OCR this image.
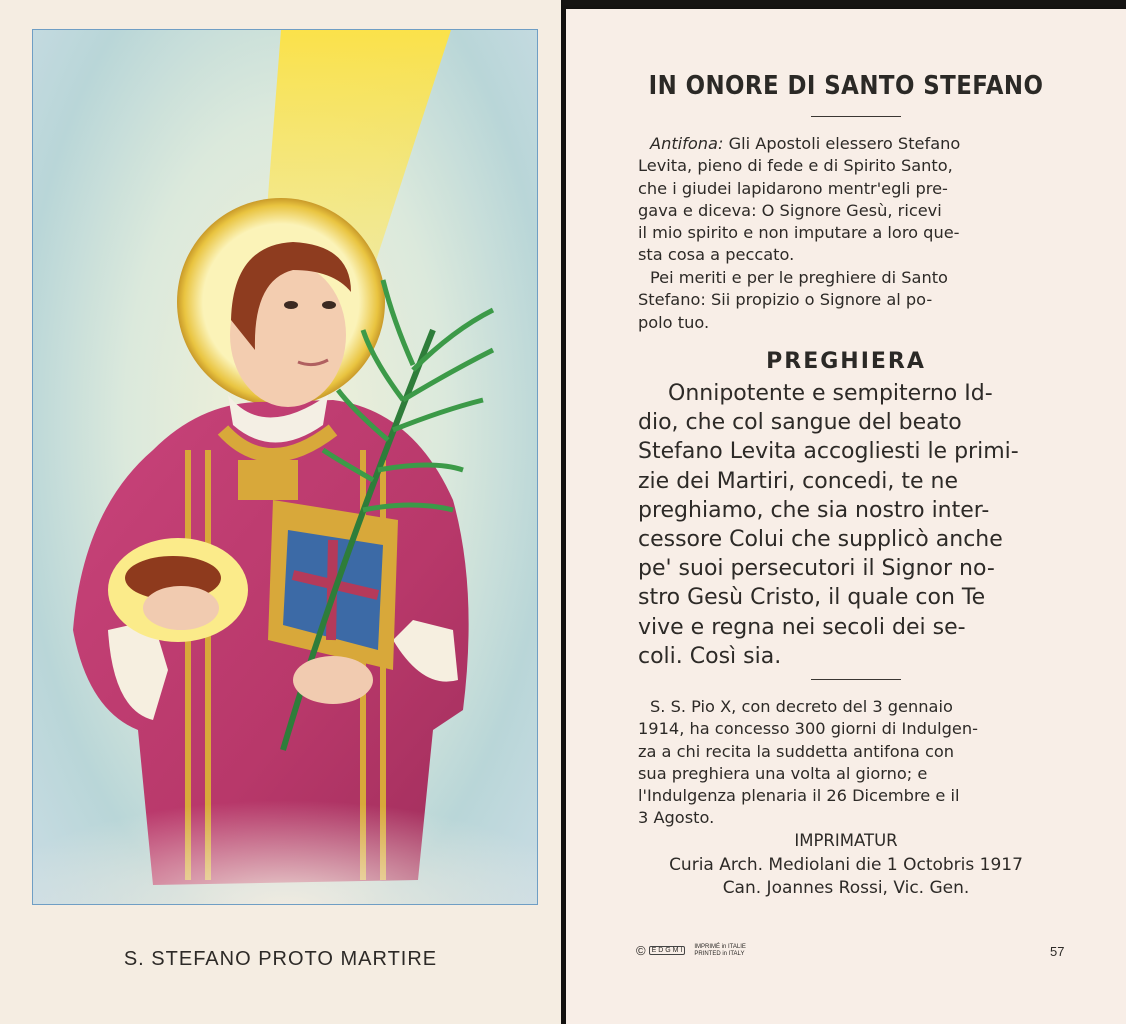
S. STEFANO PROTO MARTIRE
IN ONORE DI SANTO STEFANO
Antifona: Gli Apostoli elessero Stefano
Levita, pieno di fede e di Spirito Santo,
che i giudei lapidarono mentr'egli pre-
gava e diceva: O Signore Gesù, ricevi
il mio spirito e non imputare a loro que-
sta cosa a peccato.
Pei meriti e per le preghiere di Santo
Stefano: Sii propizio o Signore al po-
polo tuo.
PREGHIERA
Onnipotente e sempiterno Id-
dio, che col sangue del beato
Stefano Levita accogliesti le primi-
zie dei Martiri, concedi, te ne
preghiamo, che sia nostro inter-
cessore Colui che supplicò anche
pe' suoi persecutori il Signor no-
stro Gesù Cristo, il quale con Te
vive e regna nei secoli dei se-
coli. Così sia.
S. S. Pio X, con decreto del 3 gennaio
1914, ha concesso 300 giorni di Indulgen-
za a chi recita la suddetta antifona con
sua preghiera una volta al giorno; e
l'Indulgenza plenaria il 26 Dicembre e il
3 Agosto.
IMPRIMATUR
Curia Arch. Mediolani die 1 Octobris 1917
Can. Joannes Rossi, Vic. Gen.
© E D G M I
IMPRIMÉ in ITALIE
PRINTED in ITALY	57
